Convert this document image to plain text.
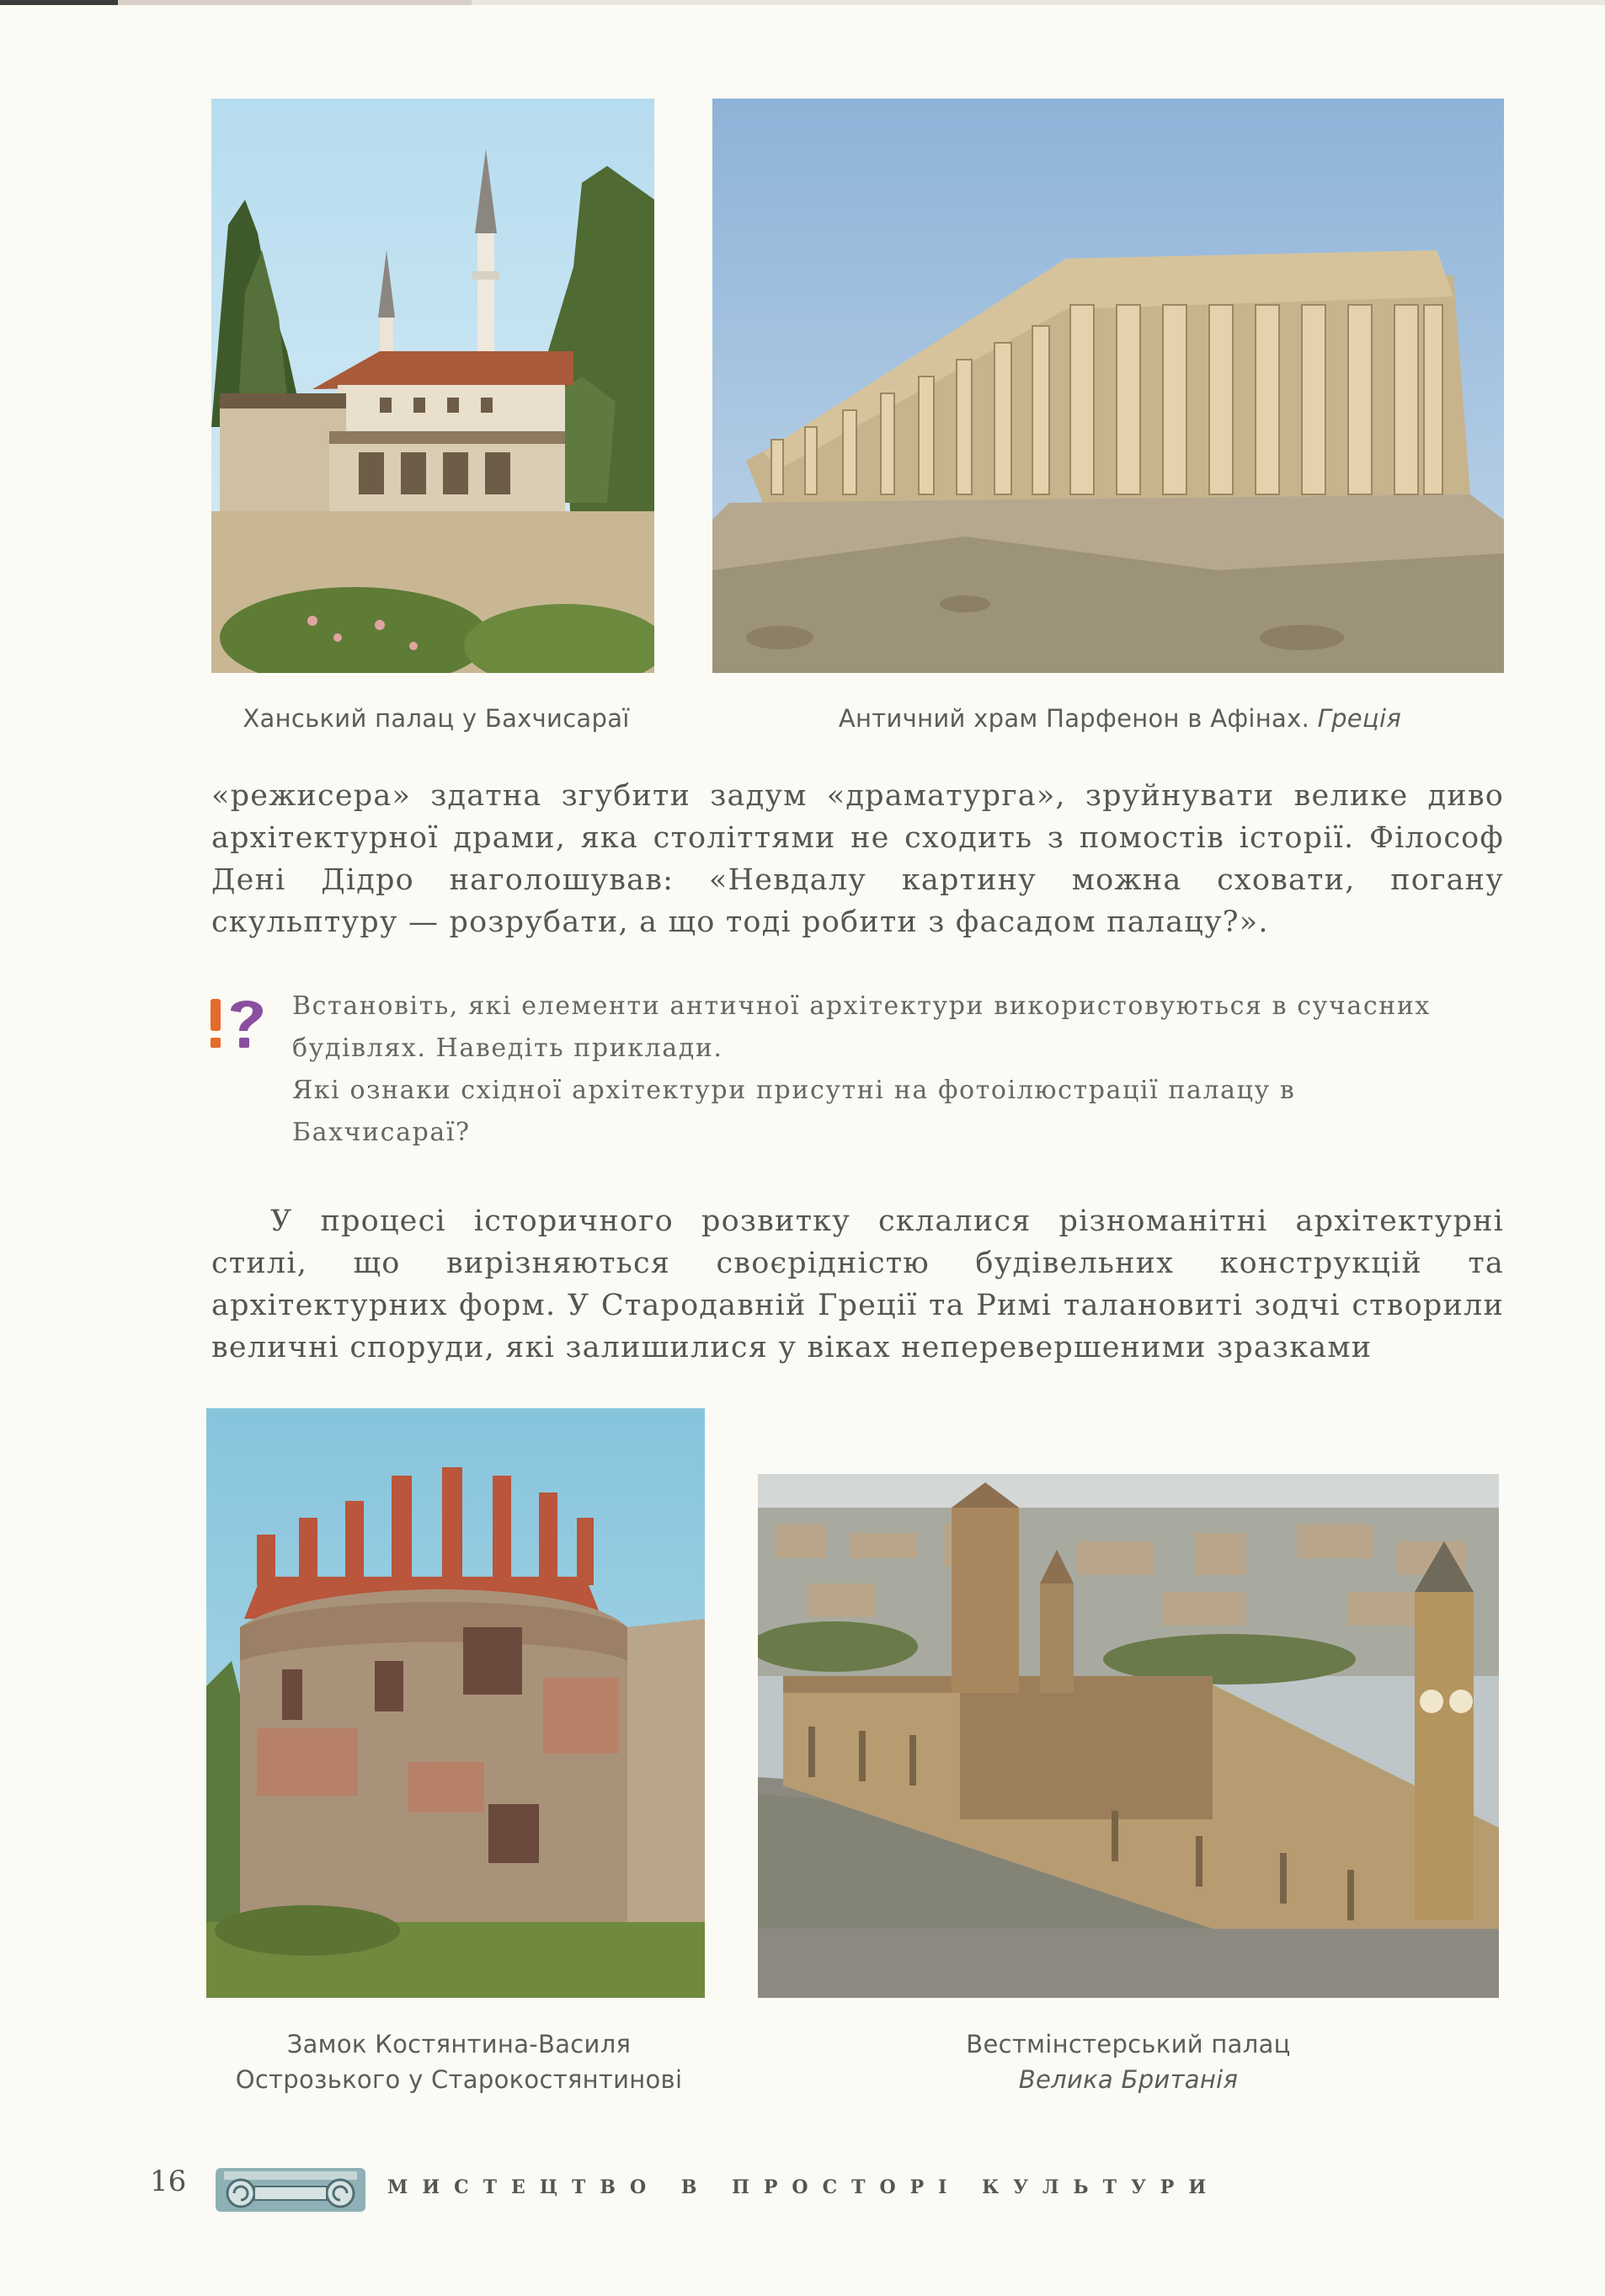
Ханський палац у Бахчисараї	Античний храм Парфенон в Афінах. Греція

«режисера» здатна згубити задум «драматурга», зруйнувати велике диво архітектурної драми, яка століттями не сходить з помостів історії. Філософ Дені Дідро наголошував: «Невдалу картину можна сховати, погану скульптуру — розрубати, а що тоді робити з фасадом палацу?».

Встановіть, які елементи античної архітектури використовуються в сучасних будівлях. Наведіть приклади.

Які ознаки східної архітектури присутні на фотоілюстрації палацу в Бахчисараї?

У процесі історичного розвитку склалися різноманітні архітектурні стилі, що вирізняються своєрідністю будівельних конструкцій та архітектурних форм. У Стародавній Греції та Римі талановиті зодчі створили величні споруди, які залишилися у віках неперевершеними зразками

Замок Костянтина-Василя
Острозького у Старокостянтинові
Вестмінстерський палац
Велика Британія
16	МИСТЕЦТВО В ПРОСТОРІ КУЛЬТУРИ
